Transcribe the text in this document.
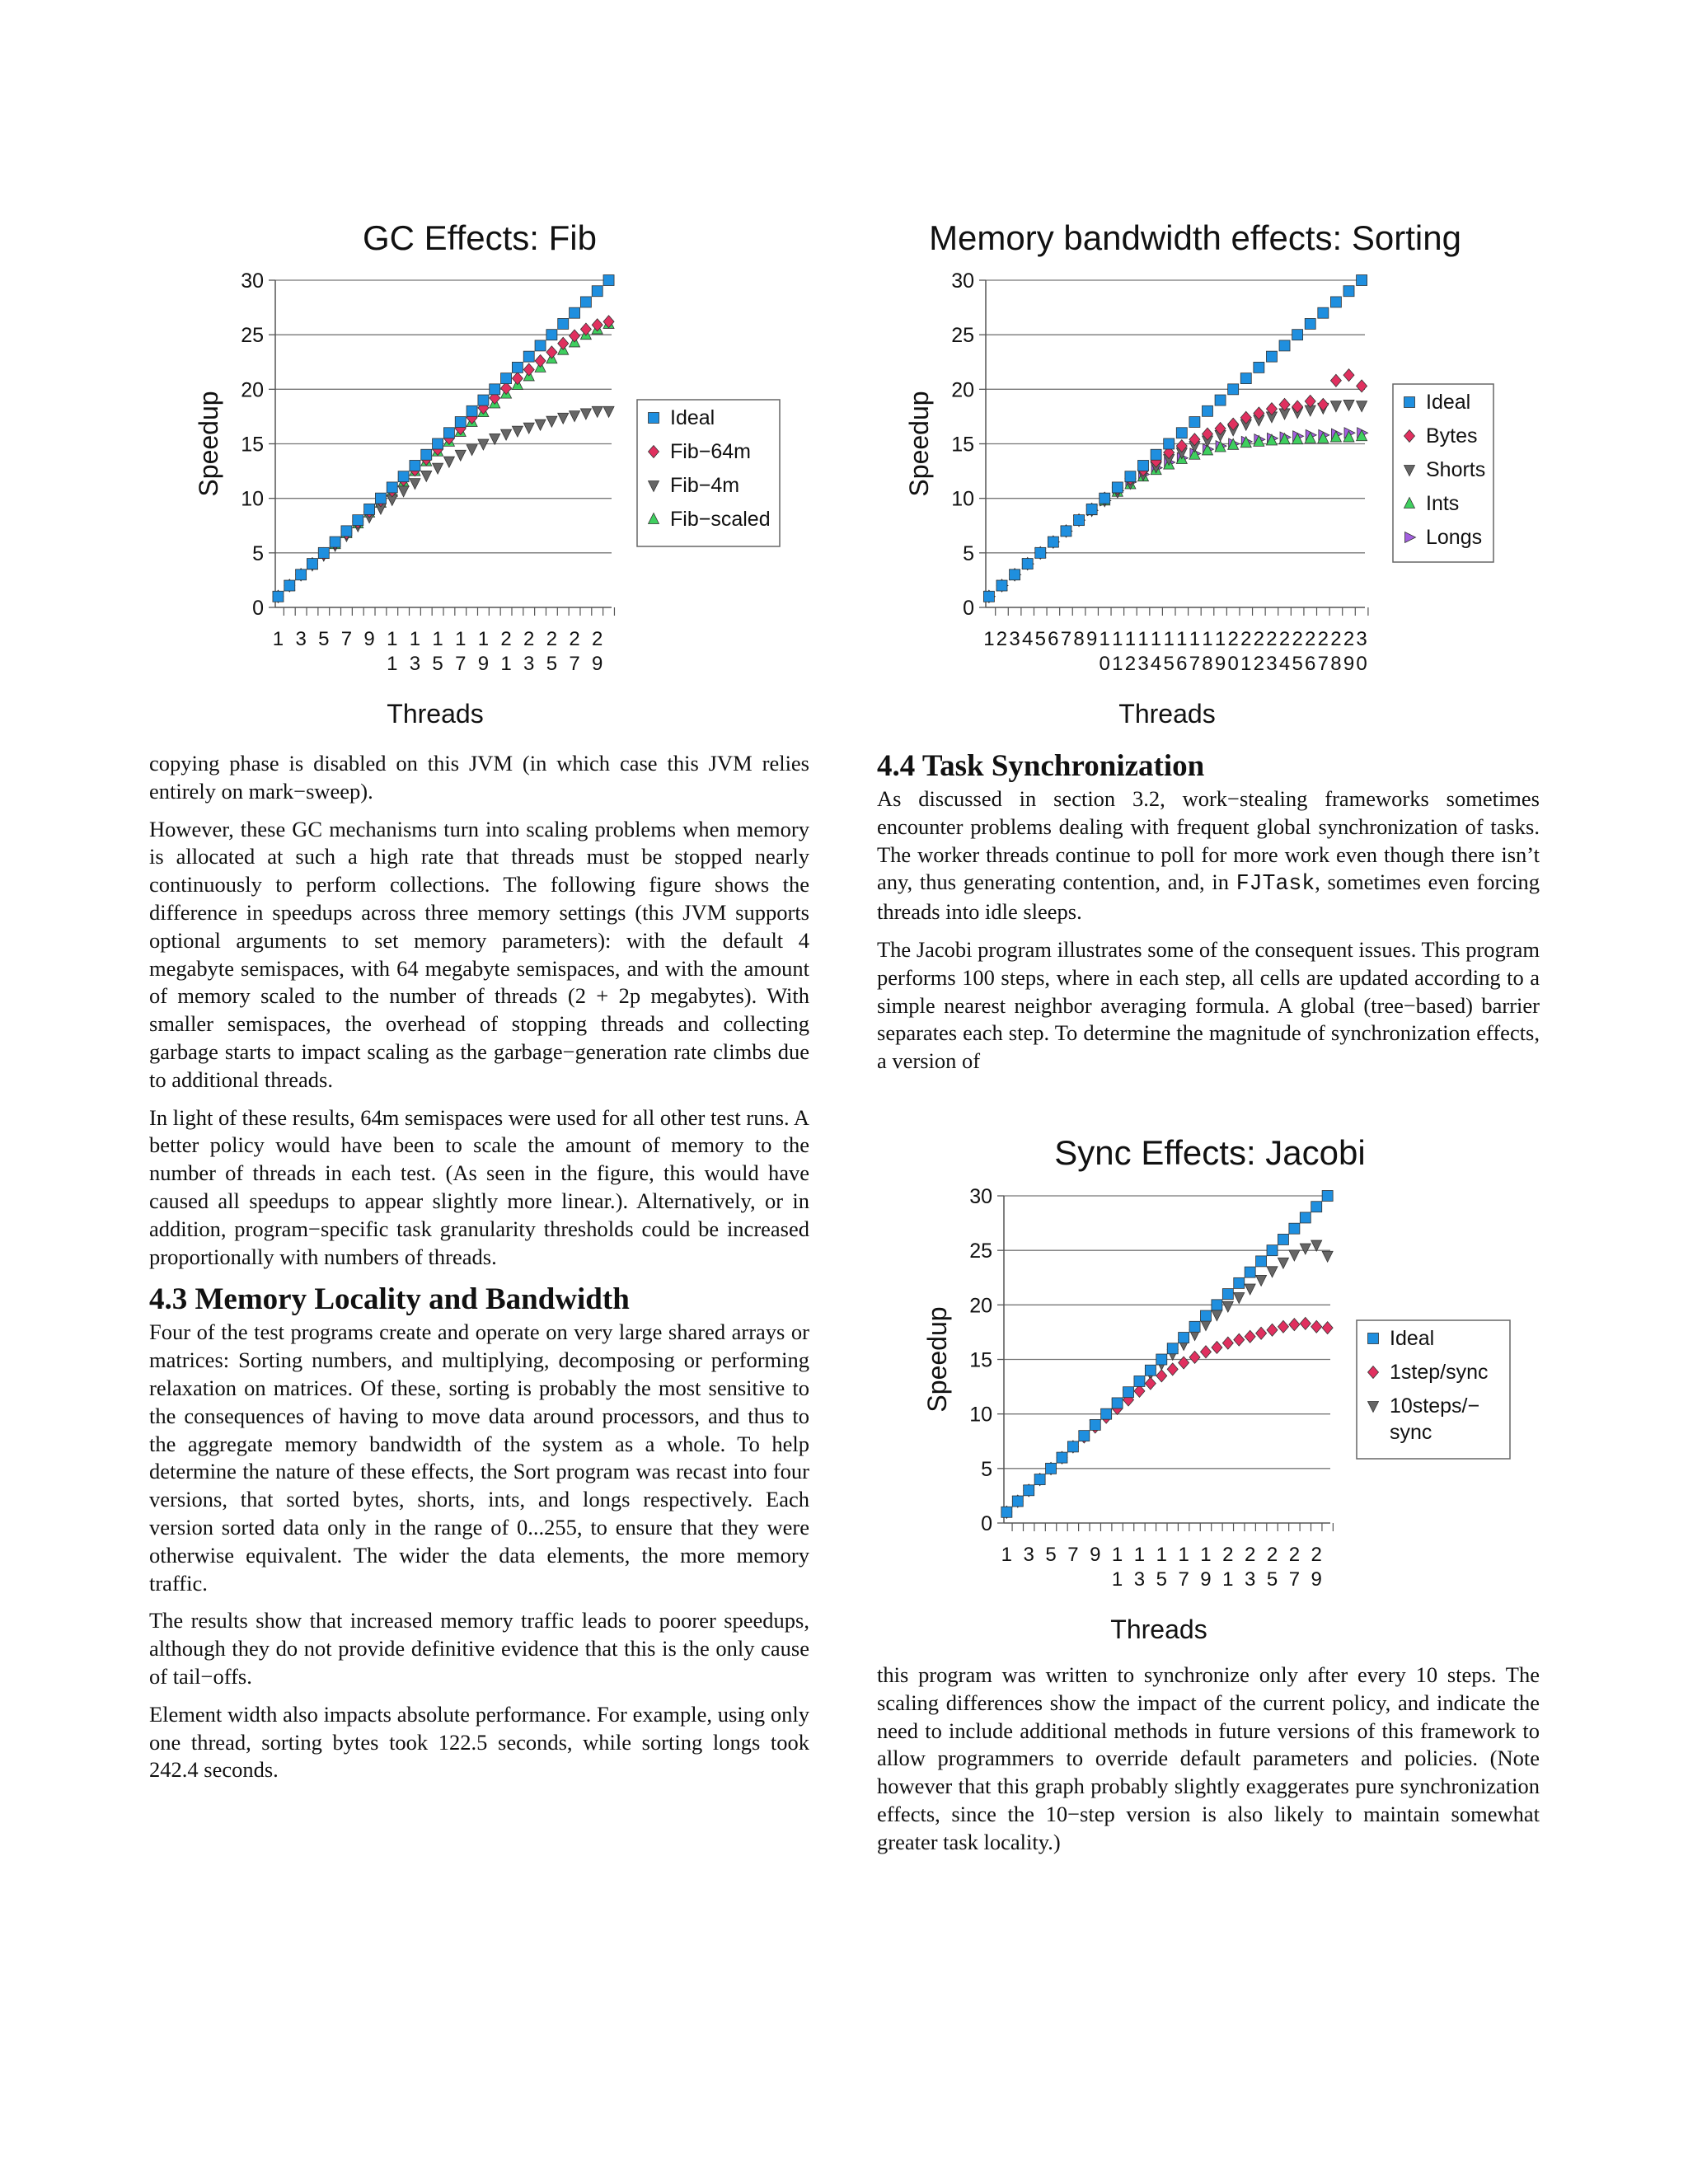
GC Effects: Fib
0
5
10
15
20
25
30
1 3 5 7 9 1
1
1
3
1
5
1
7
1
9
2
1
2
3
2
5
2
7
2
9
Speedup
Threads
Ideal
Fib−64m
Fib−4m
Fib−scaled
Memory bandwidth effects: Sorting
0
5
10
15
20
25
30
1 2 3 4 5 6 7 8 9 1 1 1 1 1 1 1 1 1 1 2 2 2 2 2 2 2 2 2 2 3
0 1 2 3 4 5 6 7 8 9 0 1 2 3 4 5 6 7 8 9 0
Speedup
Threads
Ideal
Bytes
Shorts
Ints
Longs
Sync Effects: Jacobi
0
5
10
15
20
25
30
1 3 5 7 9 1
1
1
3
1
5
1
7
1
9
2
1
2
3
2
5
2
7
2
9
Speedup
Threads
Ideal
1step/sync
10steps/−
sync

copying phase is disabled on this JVM (in which case this JVM relies entirely on mark−sweep).

However, these GC mechanisms turn into scaling problems when memory is allocated at such a high rate that threads must be stopped nearly continuously to perform collections. The following figure shows the difference in speedups across three memory settings (this JVM supports optional arguments to set memory parameters): with the default 4 megabyte semispaces, with 64 megabyte semispaces, and with the amount of memory scaled to the number of threads (2 + 2p megabytes). With smaller semispaces, the overhead of stopping threads and collecting garbage starts to impact scaling as the garbage−generation rate climbs due to additional threads.

In light of these results, 64m semispaces were used for all other test runs. A better policy would have been to scale the amount of memory to the number of threads in each test. (As seen in the figure, this would have caused all speedups to appear slightly more linear.). Alternatively, or in addition, program−specific task granularity thresholds could be increased proportionally with numbers of threads.

4.3 Memory Locality and Bandwidth

Four of the test programs create and operate on very large shared arrays or matrices: Sorting numbers, and multiplying, decomposing or performing relaxation on matrices. Of these, sorting is probably the most sensitive to the consequences of having to move data around processors, and thus to the aggregate memory bandwidth of the system as a whole. To help determine the nature of these effects, the Sort program was recast into four versions, that sorted bytes, shorts, ints, and longs respectively. Each version sorted data only in the range of 0...255, to ensure that they were otherwise equivalent. The wider the data elements, the more memory traffic.

The results show that increased memory traffic leads to poorer speedups, although they do not provide definitive evidence that this is the only cause of tail−offs.

Element width also impacts absolute performance. For example, using only one thread, sorting bytes took 122.5 seconds, while sorting longs took 242.4 seconds.

4.4 Task Synchronization

As discussed in section 3.2, work−stealing frameworks sometimes encounter problems dealing with frequent global synchronization of tasks. The worker threads continue to poll for more work even though there isn’t any, thus generating contention, and, in FJTask, sometimes even forcing threads into idle sleeps.

The Jacobi program illustrates some of the consequent issues. This program performs 100 steps, where in each step, all cells are updated according to a simple nearest neighbor averaging formula. A global (tree−based) barrier separates each step. To determine the magnitude of synchronization effects, a version of

this program was written to synchronize only after every 10 steps. The scaling differences show the impact of the current policy, and indicate the need to include additional methods in future versions of this framework to allow programmers to override default parameters and policies. (Note however that this graph probably slightly exaggerates pure synchronization effects, since the 10−step version is also likely to maintain somewhat greater task locality.)
